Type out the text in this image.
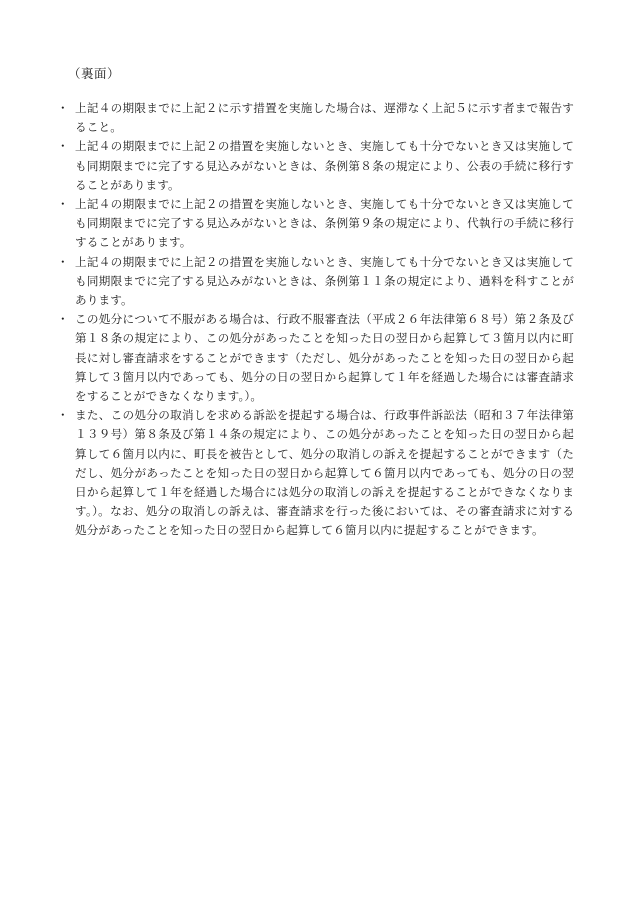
（裏面）
・ 上記４の期限までに上記２に示す措置を実施した場合は、遅滞なく上記５に示す者まで報告すること。
・ 上記４の期限までに上記２の措置を実施しないとき、実施しても十分でないとき又は実施しても同期限までに完了する見込みがないときは、条例第８条の規定により、公表の手続に移行することがあります。
・ 上記４の期限までに上記２の措置を実施しないとき、実施しても十分でないとき又は実施しても同期限までに完了する見込みがないときは、条例第９条の規定により、代執行の手続に移行することがあります。
・ 上記４の期限までに上記２の措置を実施しないとき、実施しても十分でないとき又は実施しても同期限までに完了する見込みがないときは、条例第１１条の規定により、過料を科すことがあります。
・ この処分について不服がある場合は、行政不服審査法（平成２６年法律第６８号）第２条及び第１８条の規定により、この処分があったことを知った日の翌日から起算して３箇月以内に町長に対し審査請求をすることができます（ただし、処分があったことを知った日の翌日から起算して３箇月以内であっても、処分の日の翌日から起算して１年を経過した場合には審査請求をすることができなくなります。）。
・ また、この処分の取消しを求める訴訟を提起する場合は、行政事件訴訟法（昭和３７年法律第１３９号）第８条及び第１４条の規定により、この処分があったことを知った日の翌日から起算して６箇月以内に、町長を被告として、処分の取消しの訴えを提起することができます（ただし、処分があったことを知った日の翌日から起算して６箇月以内であっても、処分の日の翌日から起算して１年を経過した場合には処分の取消しの訴えを提起することができなくなります。）。なお、処分の取消しの訴えは、審査請求を行った後においては、その審査請求に対する処分があったことを知った日の翌日から起算して６箇月以内に提起することができます。
